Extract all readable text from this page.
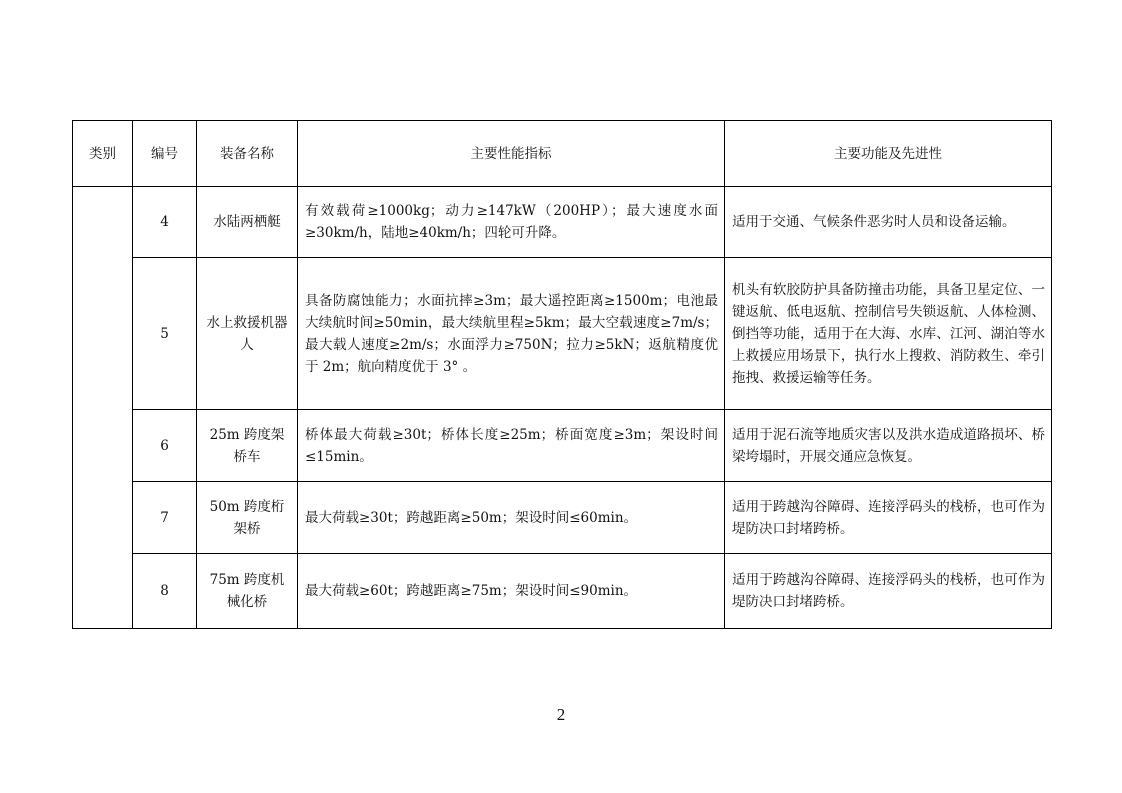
类别	编号	装备名称	主要性能指标	主要功能及先进性
	4	水陆两栖艇	有效载荷≥1000kg；动力≥147kW（200HP）；最大速度水面≥30km/h，陆地≥40km/h；四轮可升降。	适用于交通、气候条件恶劣时人员和设备运输。
	5	水上救援机器人	具备防腐蚀能力；水面抗摔≥3m；最大遥控距离≥1500m；电池最大续航时间≥50min，最大续航里程≥5km；最大空载速度≥7m/s；最大载人速度≥2m/s；水面浮力≥750N；拉力≥5kN；返航精度优于 2m；航向精度优于 3° 。	机头有软胶防护具备防撞击功能，具备卫星定位、一键返航、低电返航、控制信号失锁返航、人体检测、倒挡等功能，适用于在大海、水库、江河、湖泊等水上救援应用场景下，执行水上搜救、消防救生、牵引拖拽、救援运输等任务。
	6	25m 跨度架桥车	桥体最大荷载≥30t；桥体长度≥25m；桥面宽度≥3m；架设时间≤15min。	适用于泥石流等地质灾害以及洪水造成道路损坏、桥梁垮塌时，开展交通应急恢复。
	7	50m 跨度桁架桥	最大荷载≥30t；跨越距离≥50m；架设时间≤60min。	适用于跨越沟谷障碍、连接浮码头的栈桥，也可作为堤防决口封堵跨桥。
	8	75m 跨度机械化桥	最大荷载≥60t；跨越距离≥75m；架设时间≤90min。	适用于跨越沟谷障碍、连接浮码头的栈桥，也可作为堤防决口封堵跨桥。
2
